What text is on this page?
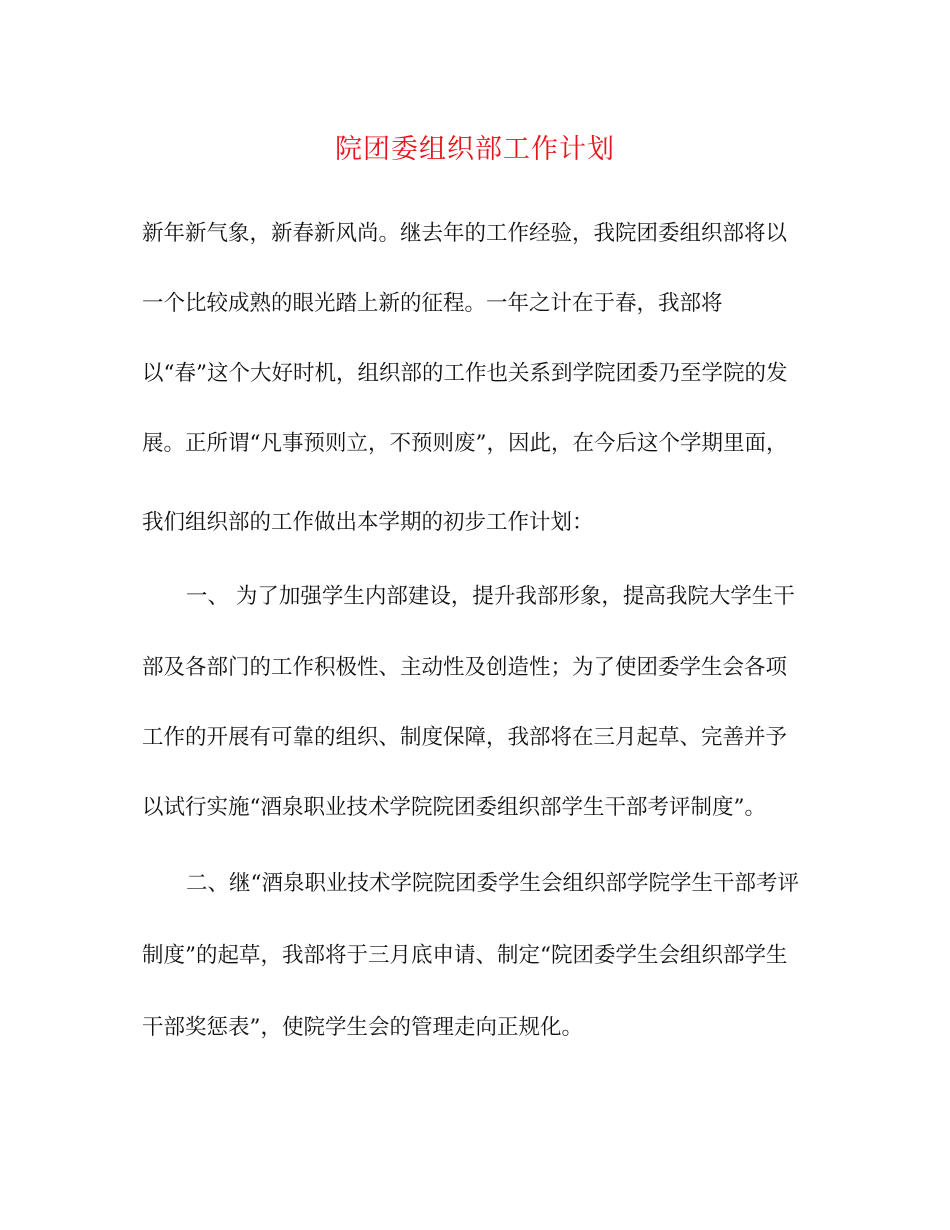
院团委组织部工作计划
新年新气象，新春新风尚。继去年的工作经验，我院团委组织部将以
一个比较成熟的眼光踏上新的征程。一年之计在于春，我部将
以“春”这个大好时机，组织部的工作也关系到学院团委乃至学院的发
展。正所谓“凡事预则立，不预则废”，因此，在今后这个学期里面，
我们组织部的工作做出本学期的初步工作计划：
一、 为了加强学生内部建设，提升我部形象，提高我院大学生干
部及各部门的工作积极性、主动性及创造性；为了使团委学生会各项
工作的开展有可靠的组织、制度保障，我部将在三月起草、完善并予
以试行实施“酒泉职业技术学院院团委组织部学生干部考评制度”。
二、继“酒泉职业技术学院院团委学生会组织部学院学生干部考评
制度”的起草，我部将于三月底申请、制定“院团委学生会组织部学生
干部奖惩表”，使院学生会的管理走向正规化。
